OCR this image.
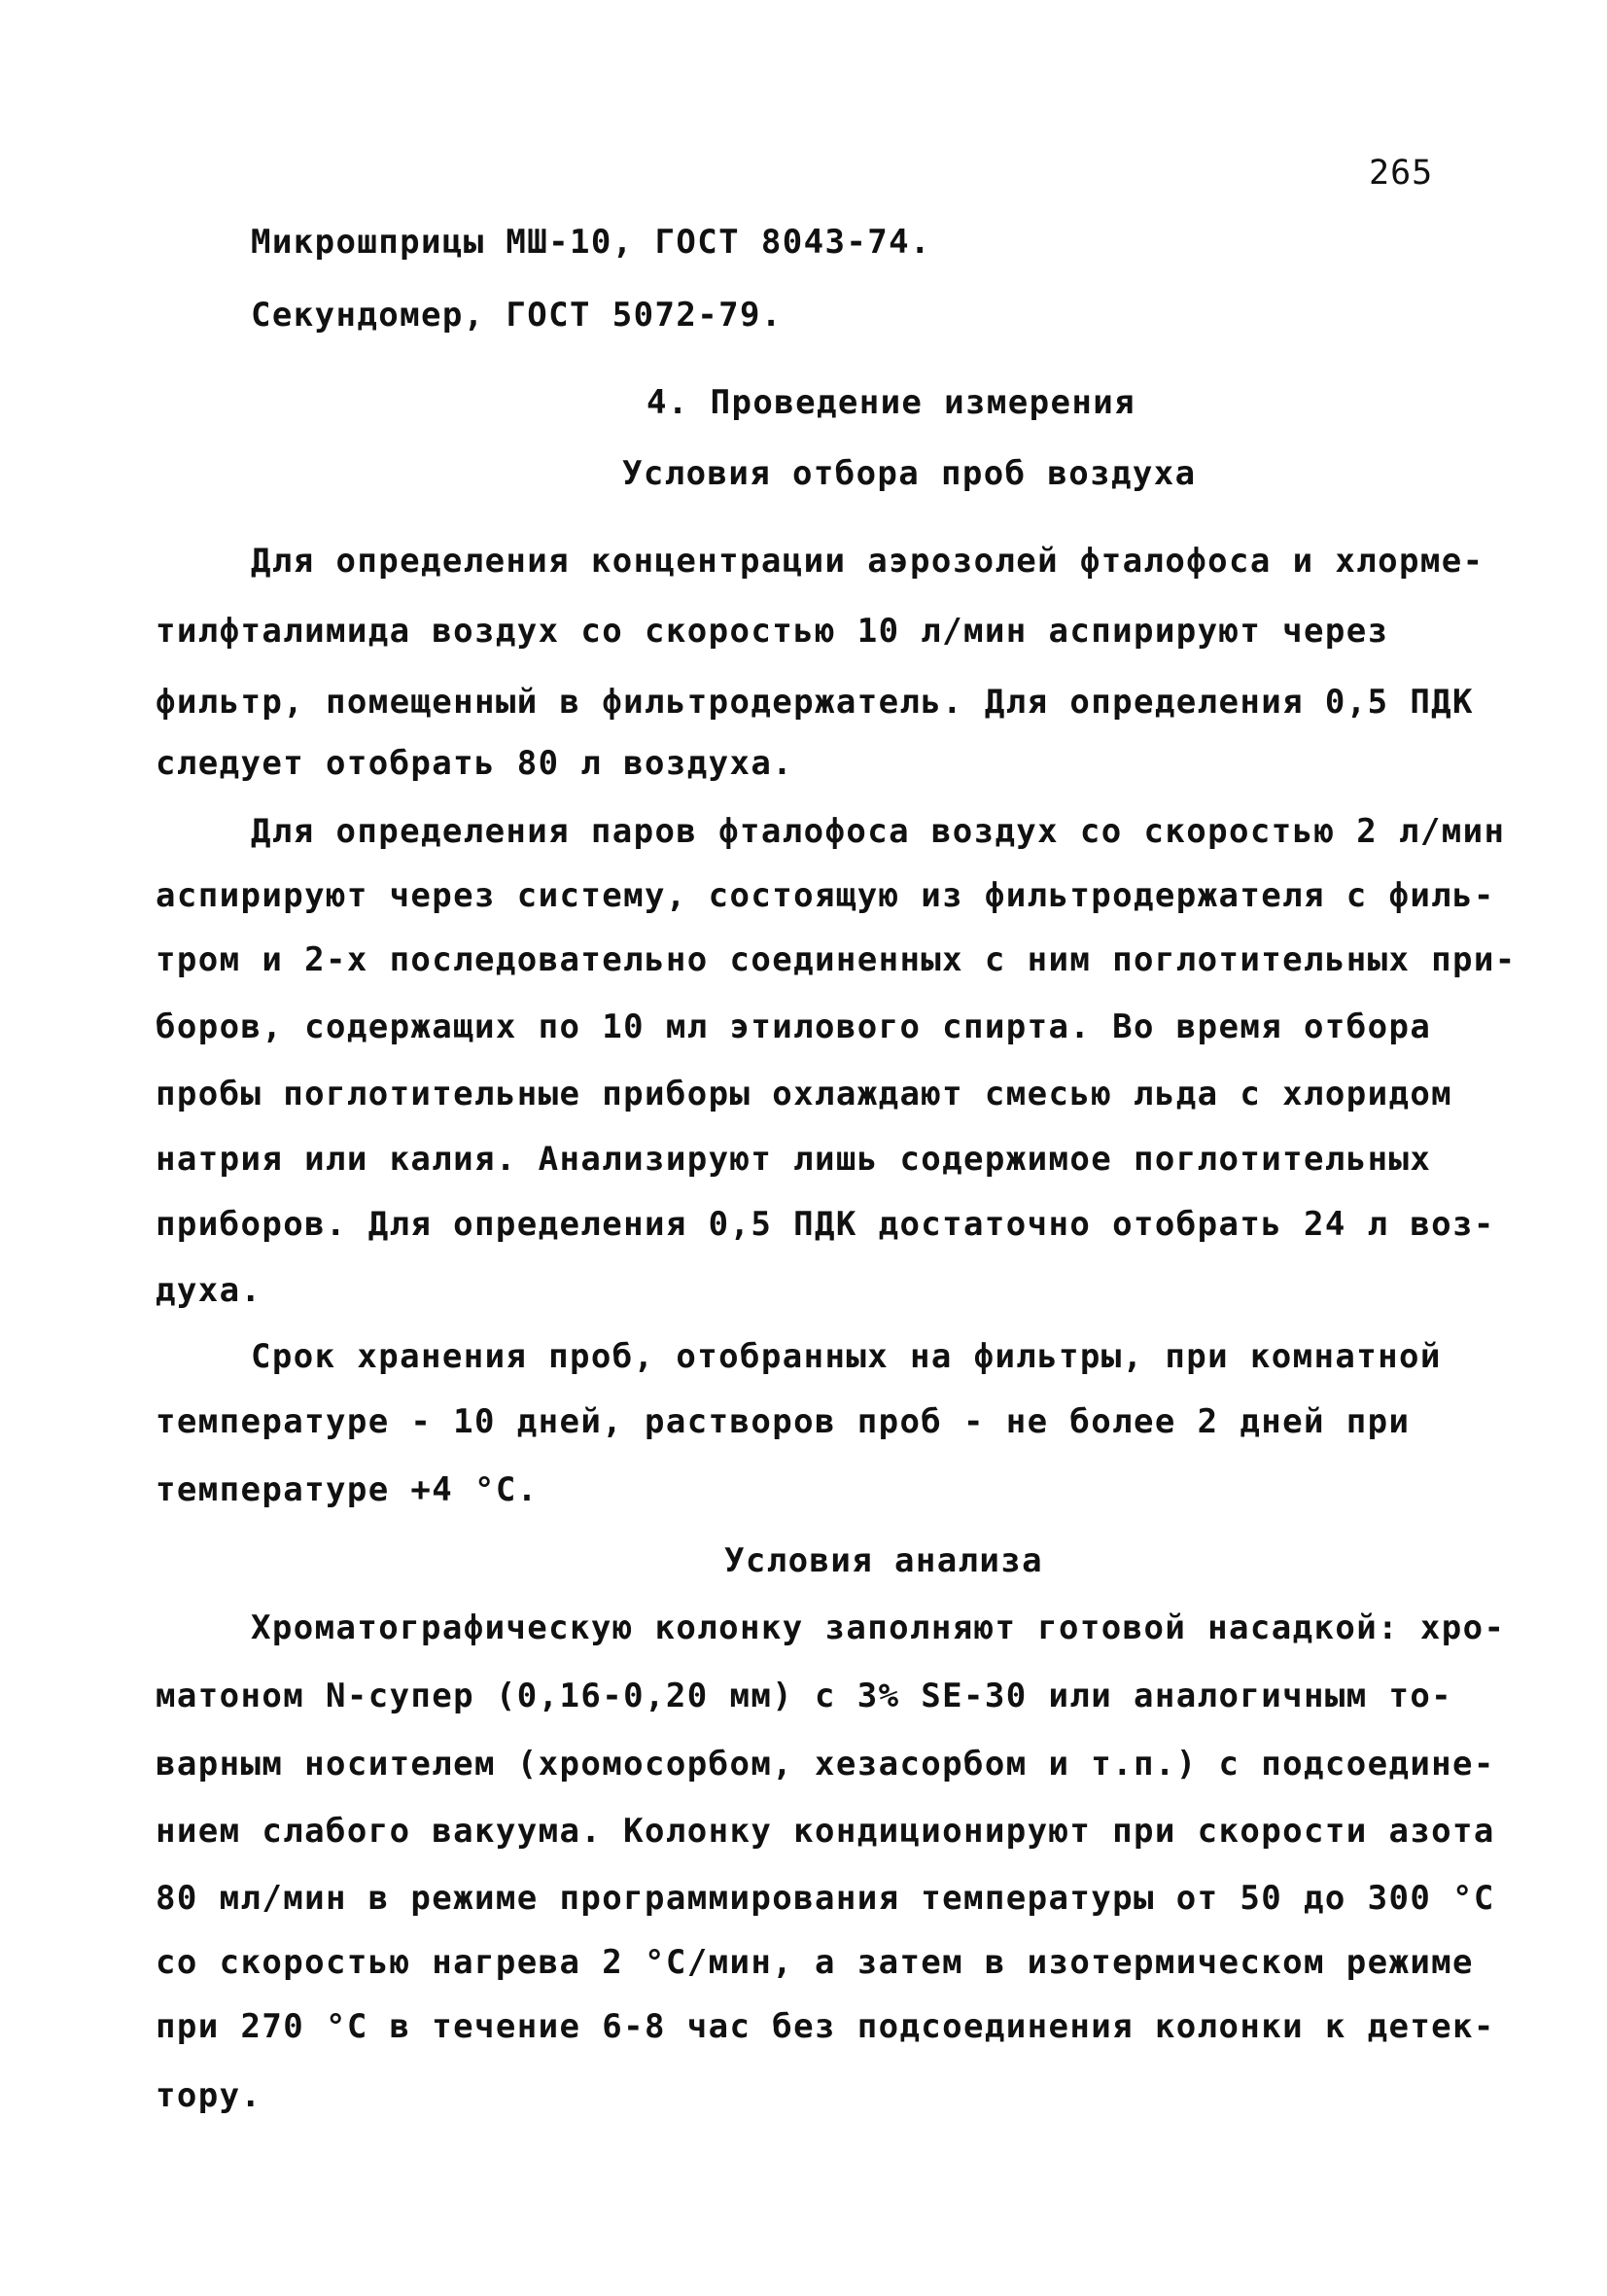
265
Микрошприцы МШ-10, ГОСТ 8043-74.
Секундомер, ГОСТ 5072-79.
4. Проведение измерения
Условия отбора проб воздуха
Для определения концентрации аэрозолей фталофоса и хлорме-
тилфталимида воздух со скоростью 10 л/мин аспирируют через
фильтр, помещенный в фильтродержатель. Для определения 0,5 ПДК
следует отобрать 80 л воздуха.
Для определения паров фталофоса воздух со скоростью 2 л/мин
аспирируют через систему, состоящую из фильтродержателя с филь-
тром и 2-х последовательно соединенных с ним поглотительных при-
боров, содержащих по 10 мл этилового спирта. Во время отбора
пробы поглотительные приборы охлаждают смесью льда с хлоридом
натрия или калия. Анализируют лишь содержимое поглотительных
приборов. Для определения 0,5 ПДК достаточно отобрать 24 л воз-
духа.
Срок хранения проб, отобранных на фильтры, при комнатной
температуре - 10 дней, растворов проб - не более 2 дней при
температуре +4 °С.
Условия анализа
Хроматографическую колонку заполняют готовой насадкой: хро-
матоном N-супер (0,16-0,20 мм) с 3% SE-30 или аналогичным то-
варным носителем (хромосорбом, хезасорбом и т.п.) с подсоедине-
нием слабого вакуума. Колонку кондиционируют при скорости азота
80 мл/мин в режиме программирования температуры от 50 до 300 °С
со скоростью нагрева 2 °С/мин, а затем в изотермическом режиме
при 270 °С в течение 6-8 час без подсоединения колонки к детек-
тору.
